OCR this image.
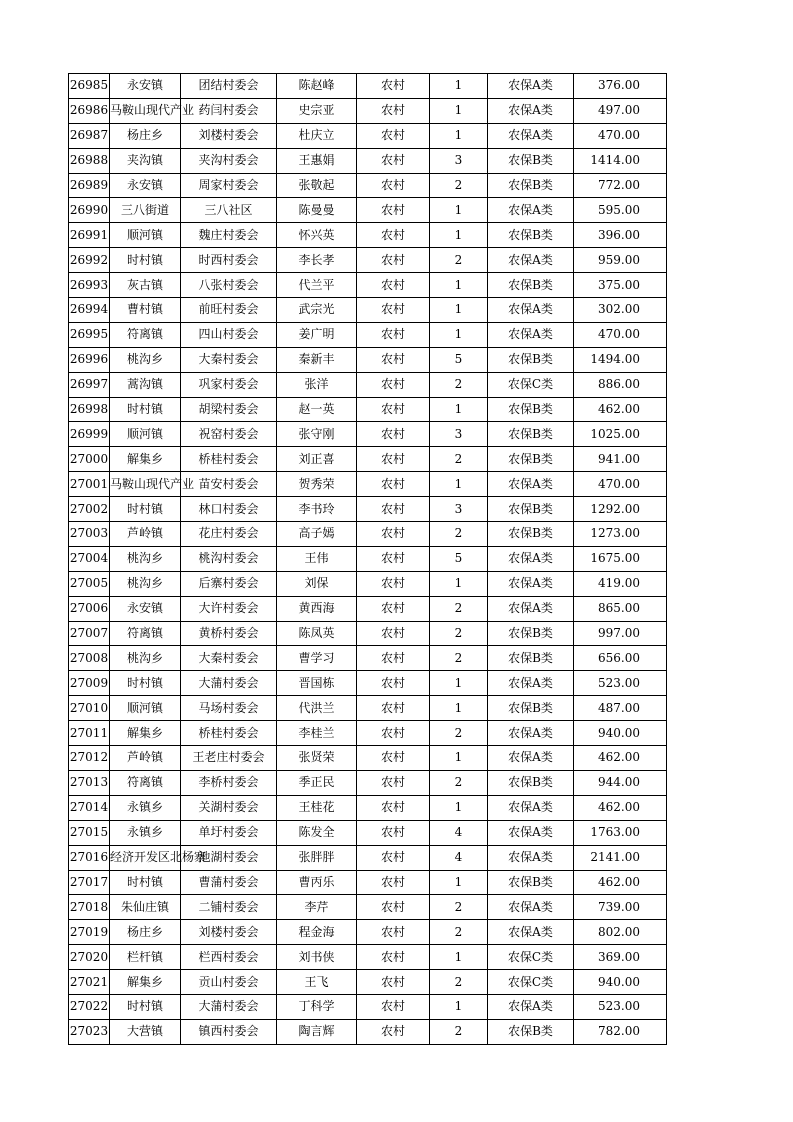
26985	永安镇	团结村委会	陈赵峰	农村	1	农保A类	376.00
26986	马鞍山现代产业	药闫村委会	史宗亚	农村	1	农保A类	497.00
26987	杨庄乡	刘楼村委会	杜庆立	农村	1	农保A类	470.00
26988	夹沟镇	夹沟村委会	王惠娟	农村	3	农保B类	1414.00
26989	永安镇	周家村委会	张敬起	农村	2	农保B类	772.00
26990	三八街道	三八社区	陈曼曼	农村	1	农保A类	595.00
26991	顺河镇	魏庄村委会	怀兴英	农村	1	农保B类	396.00
26992	时村镇	时西村委会	李长孝	农村	2	农保A类	959.00
26993	灰古镇	八张村委会	代兰平	农村	1	农保B类	375.00
26994	曹村镇	前旺村委会	武宗光	农村	1	农保A类	302.00
26995	符离镇	四山村委会	姜广明	农村	1	农保A类	470.00
26996	桃沟乡	大秦村委会	秦新丰	农村	5	农保B类	1494.00
26997	蒿沟镇	巩家村委会	张洋	农村	2	农保C类	886.00
26998	时村镇	胡梁村委会	赵一英	农村	1	农保B类	462.00
26999	顺河镇	祝窑村委会	张守刚	农村	3	农保B类	1025.00
27000	解集乡	桥桂村委会	刘正喜	农村	2	农保B类	941.00
27001	马鞍山现代产业	苗安村委会	贺秀荣	农村	1	农保A类	470.00
27002	时村镇	林口村委会	李书玲	农村	3	农保B类	1292.00
27003	芦岭镇	花庄村委会	高子嫣	农村	2	农保B类	1273.00
27004	桃沟乡	桃沟村委会	王伟	农村	5	农保A类	1675.00
27005	桃沟乡	后寨村委会	刘保	农村	1	农保A类	419.00
27006	永安镇	大许村委会	黄西海	农村	2	农保A类	865.00
27007	符离镇	黄桥村委会	陈凤英	农村	2	农保B类	997.00
27008	桃沟乡	大秦村委会	曹学习	农村	2	农保B类	656.00
27009	时村镇	大蒲村委会	晋国栋	农村	1	农保A类	523.00
27010	顺河镇	马场村委会	代洪兰	农村	1	农保B类	487.00
27011	解集乡	桥桂村委会	李桂兰	农村	2	农保A类	940.00
27012	芦岭镇	王老庄村委会	张贤荣	农村	1	农保A类	462.00
27013	符离镇	李桥村委会	季正民	农村	2	农保B类	944.00
27014	永镇乡	关湖村委会	王桂花	农村	1	农保A类	462.00
27015	永镇乡	单圩村委会	陈发全	农村	4	农保A类	1763.00
27016	经济开发区北杨寨	池湖村委会	张胖胖	农村	4	农保A类	2141.00
27017	时村镇	曹蒲村委会	曹丙乐	农村	1	农保B类	462.00
27018	朱仙庄镇	二铺村委会	李芹	农村	2	农保A类	739.00
27019	杨庄乡	刘楼村委会	程金海	农村	2	农保A类	802.00
27020	栏杆镇	栏西村委会	刘书侠	农村	1	农保C类	369.00
27021	解集乡	贡山村委会	王飞	农村	2	农保C类	940.00
27022	时村镇	大蒲村委会	丁科学	农村	1	农保A类	523.00
27023	大营镇	镇西村委会	陶言辉	农村	2	农保B类	782.00
